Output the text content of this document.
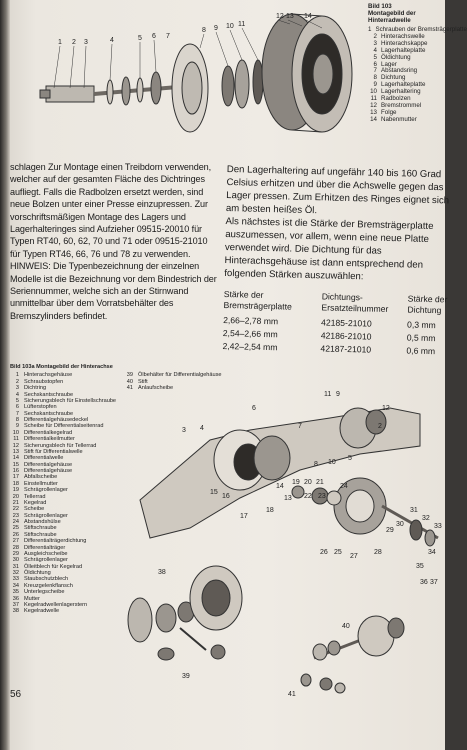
1 2 3	4	5 6 7
8 9 10 11
12 13 14
Bild 103
Montagebild der Hinterradwelle
1 Schrauben der Bremsträgerplatte
2 Hinterachswelle
3 Hinterachskappe
4 Lagerhalteplatte
5 Öldichtung
6 Lager
7 Abstandsring
8 Dichtung
9 Lagerhalteplatte
10 Lagerhaltering
11 Radbolzen
12 Bremstrommel
13 Folge
14 Nabenmutter

schlagen Zur Montage einen Treibdorn verwenden, welcher auf der gesamten Fläche des Dichtringes aufliegt. Falls die Radbolzen ersetzt werden, sind neue Bolzen unter einer Presse einzupressen. Zur vorschriftsmäßigen Montage des Lagers und Lagerhalteringes sind Aufzieher 09515-20010 für Typen RT40, 60, 62, 70 und 71 oder 09515-21010 für Typen RT46, 66, 76 und 78 zu verwenden.

HINWEIS: Die Typenbezeichnung der einzelnen Modelle ist die Bezeichnung vor dem Bindestrich der Seriennummer, welche sich an der Stirnwand unmittelbar über dem Vorratsbehälter des Bremszylinders befindet.

Den Lagerhaltering auf ungefähr 140 bis 160 Grad Celsius erhitzen und über die Achswelle gegen das Lager pressen. Zum Erhitzen des Ringes eignet sich am besten heißes Öl.

Als nächstes ist die Stärke der Bremsträgerplatte auszumessen, vor allem, wenn eine neue Platte verwendet wird. Die Dichtung für das Hinterachsgehäuse ist dann entsprechend den folgenden Stärken auszuwählen:

Stärke der Bremsträgerplatte
Dichtungs-Ersatzteilnummer
Stärke der Dichtung
2,66–2,78 mm	42185-21010	0,3 mm
2,54–2,66 mm	42186-21010	0,5 mm
2,42–2,54 mm	42187-21010	0,6 mm
Bild 103a Montagebild der Hinterachse
1 Hinterachsgehäuse
2 Schraubstopfen
3 Dichtring
4 Sechskantschraube
5 Sicherungsblech für Einstellschraube
6 Lüfterstopfen
7 Sechskantschraube
8 Differentialgehäusedeckel
9 Scheibe für Differentialseitenrad
10 Differentialkegelrad
11 Differentialkeilmutter
12 Sicherungsblech für Tellerrad
13 Stift für Differentialwelle
14 Differentialwelle
15 Differentialgehäuse
16 Differentialgehäuse
17 Abfallscheibe
18 Einstellmutter
19 Schrägrollenlager
20 Tellerrad
21 Kegelrad
22 Scheibe
23 Schrägrollenlager
24 Abstandshülse
25 Stiftschraube
26 Stiftschraube
27 Differentialträgerdichtung
28 Differentialträger
29 Ausgleichscheibe
30 Schrägrollenlager
31 Ölleitblech für Kegelrad
32 Öldichtung
33 Staubschutzblech
34 Kreuzgelenkflansch
35 Unterlegscheibe
36 Mutter
37 Kegelradwellenlagerstern
38 Kegelradwelle
39 Ölbehälter für Differentialgehäuse
40 Stift
41 Anlaufscheibe
11 9
12
2
3 4
6
7
8 10
5
16
15
17
18
19 20 21
14
13 22 23
24
25
26
27
28
29
30
31
32
33
34
35
36 37
38
39
40
41
56
